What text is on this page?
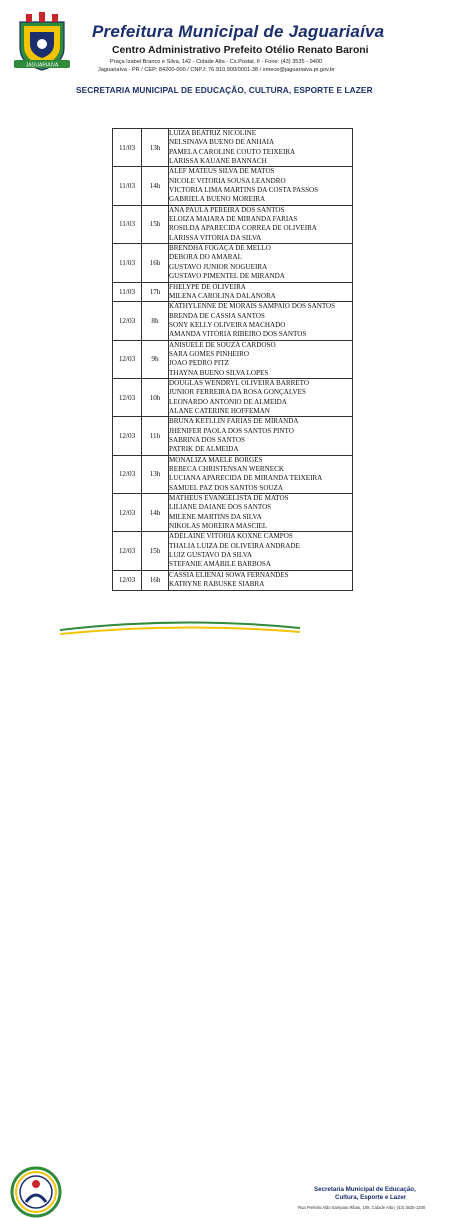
JAGUARIAÍVA
Prefeitura Municipal de Jaguariaíva
Centro Administrativo Prefeito Otélio Renato Baroni
Praça Izabel Branco e Silva, 142 - Cidade Alta - Cx.Postal. II - Fone: (43) 3535 - 9400
Jaguariaíva - PR / CEP: 84200-000 / CNPJ: 76.910.900/0001-38 / smece@jaguariaiva.pr.gov.br
SECRETARIA MUNICIPAL DE EDUCAÇÃO, CULTURA, ESPORTE E LAZER
11/03	13h	LUIZA BEATRIZ NICOLINE
NELSINAVA BUENO DE ANHAIA
PAMELA CAROLINE COUTO TEIXEIRA
LARISSA KAUANE BANNACH

11/03	14h	ALEF MATEUS SILVA DE MATOS
NICOLE VITORIA SOUSA LEANDRO
VICTÓRIA LIMA MARTINS DA COSTA PASSOS
GABRIELA BUENO MOREIRA

11/03	15h	ANA PAULA PEREIRA DOS SANTOS
ELOIZA MAIARA DE MIRANDA FARIAS
ROSILDA APARECIDA CORREA DE OLIVEIRA
LARISSA VITÓRIA DA SILVA

11/03	16h	BRENDHA FOGAÇA DE MELLO
DEBORA DO AMARAL
GUSTAVO JUNIOR NOGUEIRA
GUSTAVO PIMENTEL DE MIRANDA

11/03	17h	FHELYPE DE OLIVEIRA
MILENA CAROLINA DALANORA

12/03	8h	KATHYLENNE DE MORAIS SAMPAIO DOS SANTOS
BRENDA DE CASSIA SANTOS
SONY KELLY OLIVEIRA MACHADO
AMANDA VITÓRIA RIBEIRO DOS SANTOS

12/03	9h	ANISUELE DE SOUZA CARDOSO
SARA GOMES PINHEIRO
JOAO PEDRO PITZ
THAYNA BUENO SILVA LOPES

12/03	10h	DOUGLAS WENDRYL OLIVEIRA BARRETO
JUNIOR FERREIRA DA ROSA GONÇALVES
LEONARDO ANTONIO DE ALMEIDA
ALANE CATERINE HOFFEMAN

12/03	11h	BRUNA KETLLIN FARIAS DE MIRANDA
JHENIFER PAOLA DOS SANTOS PINTO
SABRINA DOS SANTOS
PATRIK DE ALMEIDA

12/03	13h	MONALIZA MAELE BORGES
REBECA CHRISTENSAN WERNECK
LUCIANA APARECIDA DE MIRANDA TEIXEIRA
SAMUEL PAZ DOS SANTOS SOUZA

12/03	14h	MATHEUS EVANGELISTA DE MATOS
LILIANE DAIANE DOS SANTOS
MILENE MARTINS DA SILVA
NIKOLAS MOREIRA MASCIEL

12/03	15h	ADELAINE VITÓRIA KOXNE CAMPOS
THALIA LUIZA DE OLIVEIRA ANDRADE
LUIZ GUSTAVO DA SILVA
STEFANIE AMÁBILE BARBOSA

12/03	16h	CASSIA ELIENAI SOWA FERNANDES
KATRYNE RABUSKE SIABRA
Secretaria Municipal de Educação,
Cultura, Esporte e Lazer
Rua Prefeito Aldo Sampaio Ribas, 108, Cidade Alta | (43) 3535-1200
